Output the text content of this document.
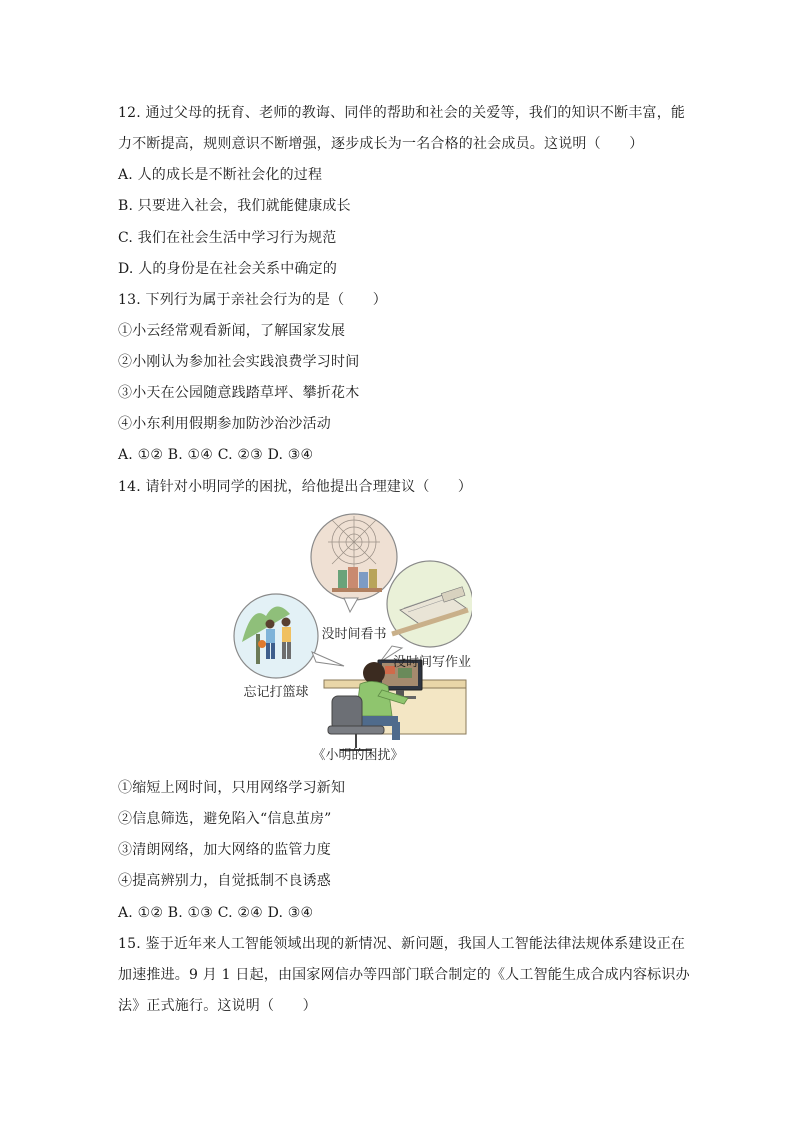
12. 通过父母的抚育、老师的教诲、同伴的帮助和社会的关爱等，我们的知识不断丰富，能
力不断提高，规则意识不断增强，逐步成长为一名合格的社会成员。这说明（　　）
A. 人的成长是不断社会化的过程
B. 只要进入社会，我们就能健康成长
C. 我们在社会生活中学习行为规范
D. 人的身份是在社会关系中确定的
13. 下列行为属于亲社会行为的是（　　）
①小云经常观看新闻，了解国家发展
②小刚认为参加社会实践浪费学习时间
③小天在公园随意践踏草坪、攀折花木
④小东利用假期参加防沙治沙活动
A. ①② B. ①④ C. ②③ D. ③④
14. 请针对小明同学的困扰，给他提出合理建议（　　）
没时间看书
没时间写作业
忘记打篮球
《小明的困扰》
①缩短上网时间，只用网络学习新知
②信息筛选，避免陷入“信息茧房”
③清朗网络，加大网络的监管力度
④提高辨别力，自觉抵制不良诱惑
A. ①② B. ①③ C. ②④ D. ③④
15. 鉴于近年来人工智能领域出现的新情况、新问题，我国人工智能法律法规体系建设正在
加速推进。9 月 1 日起，由国家网信办等四部门联合制定的《人工智能生成合成内容标识办
法》正式施行。这说明（　　）
